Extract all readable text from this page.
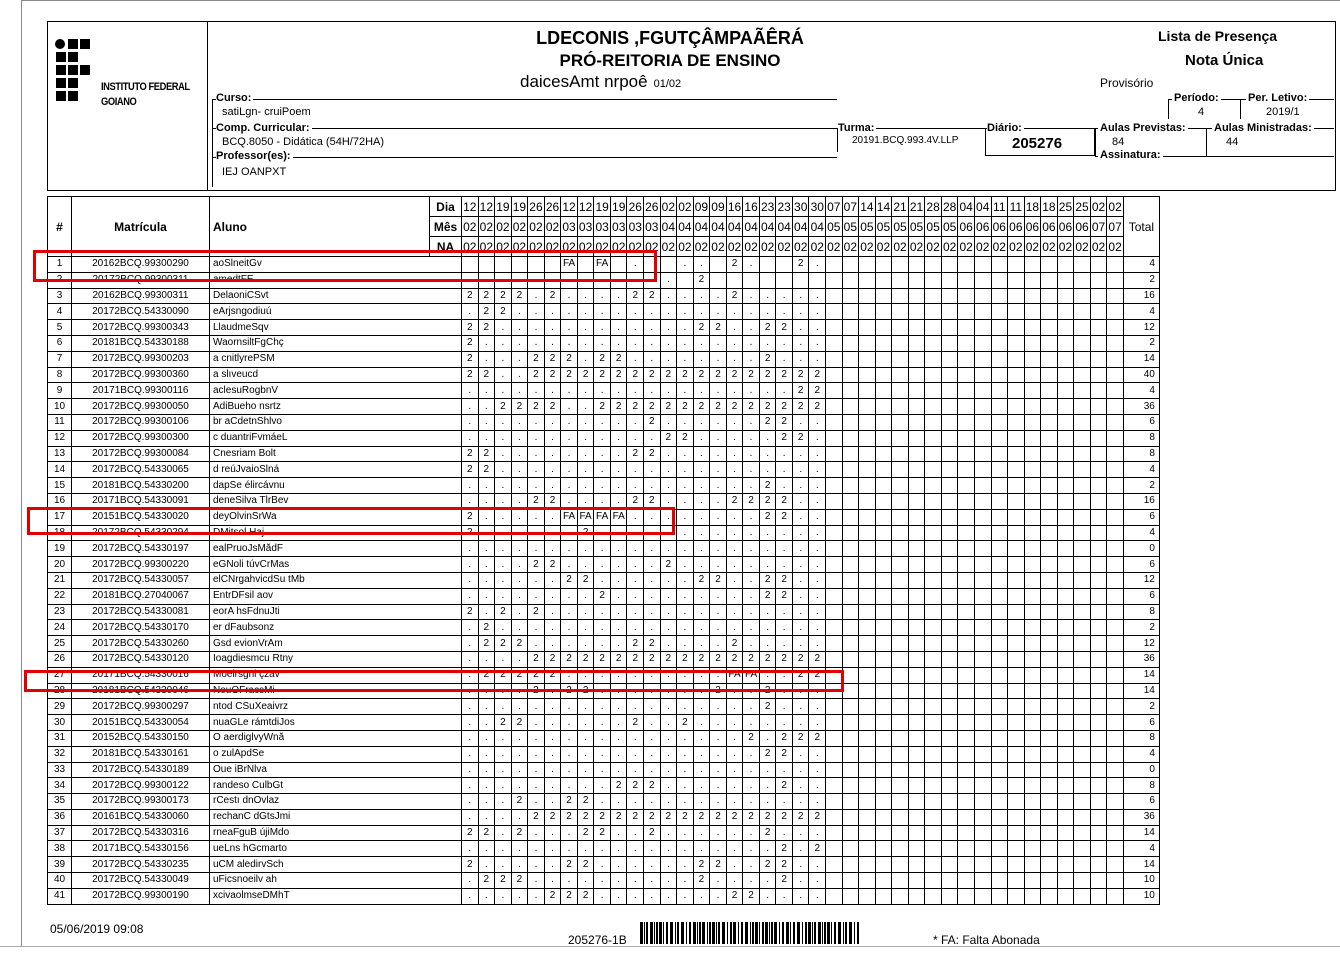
INSTITUTO FEDERAL
GOIANO
LDECONIS ,FGUTÇÂMPAÃÊRÁ
PRÓ-REITORIA DE ENSINO
daicesAmt nrpoê 01/02
Lista de Presença
Nota Única
Provisório
Curso:
satiLgn- cruiPoem
Comp. Curricular:
BCQ.8050 - Didática (54H/72HA)
Professor(es):
IEJ OANPXT
Turma:
20191.BCQ.993.4V.LLP
Diário:
205276
Período:
4
Per. Letivo:
2019/1
Aulas Previstas:
84
Aulas Ministradas:
44
Assinatura:
#	Matrícula	Aluno	Dia	12	12	19	19	26	26	12	12	19	19	26	26	02	02	09	09	16	16	23	23	30	30	07	07	14	14	21	21	28	28	04	04	11	11	18	18	25	25	02	02	Total
			Mês	02	02	02	02	02	02	03	03	03	03	03	03	04	04	04	04	04	04	04	04	04	04	05	05	05	05	05	05	05	05	06	06	06	06	06	06	06	06	07	07	
			NA	02	02	02	02	02	02	02	02	02	02	02	02	02	02	02	02	02	02	02	02	02	02	02	02	02	02	02	02	02	02	02	02	02	02	02	02	02	02	02	02	
1	20162BCQ.99300290	aoSlneitGv								FA		FA		.			.	.		2	.			2	.																			4
2	20172BCQ.99300311	amedtFE														.		2																										2
3	20162BCQ.99300311	DelaoniCSvt		2	2	2	2	.	2	.	.	.	.	2	2	.	.	.	.	2	.	.	.	.	.																			16
4	20172BCQ.54330090	eArjsngodiuú		.	2	2	.	.	.	.	.	.	.	.	.	.	.	.	.	.	.	.	.	.	.																			4
5	20172BCQ.99300343	LlaudmeSqv		2	2	.	.	.	.	.	.	.	.	.	.	.	.	2	2	.	.	2	2	.	.																			12
6	20181BCQ.54330188	WaornsiltFgChç		2	.	.	.	.	.	.	.	.	.	.	.	.	.	.	.	.	.	.	.	.	.																			2
7	20172BCQ.99300203	a cnitlyrePSM		2	.	.	.	2	2	2	.	2	2	.	.	.	.	.	.	.	.	2	.	.	.																			14
8	20172BCQ.99300360	a slıveucd		2	2	.	.	2	2	2	2	2	2	2	2	2	2	2	2	2	2	2	2	2	2																			40
9	20171BCQ.99300116	aclesuRogbnV		.	.	.	.	.	.	.	.	.	.	.	.	.	.	.	.	.	.	.	.	2	2																			4
10	20172BCQ.99300050	AdiBueho nsrtz		.	.	2	2	2	2	.	.	2	2	2	2	2	2	2	2	2	2	2	2	2	2																			36
11	20172BCQ.99300106	br aCdetnShlvo		.	.	.	.	.	.	.	.	.	.	.	2	.	.	.	.	.	.	2	2	.	.																			6
12	20172BCQ.99300300	c duantriFvmáeL		.	.	.	.	.	.	.	.	.	.	.	.	2	2	.	.	.	.	.	2	2	.																			8
13	20172BCQ.99300084	Cnesriam Bolt		2	2	.	.	.	.	.	.	.	.	2	2	.	.	.	.	.	.	.	.	.	.																			8
14	20172BCQ.54330065	d reúJvaioSlná		2	2	.	.	.	.	.	.	.	.	.	.	.	.	.	.	.	.	.	.	.	.																			4
15	20181BCQ.54330200	dapSe élircávnu		.	.	.	.	.	.	.	.	.	.	.	.	.	.	.	.	.	.	2	.	.	.																			2
16	20171BCQ.54330091	deneSilva TlrBev		.	.	.	.	2	2	.	.	.	.	2	2	.	.	.	.	2	2	2	2	.	.																			16
17	20151BCQ.54330020	deyOlvinSrWa		2	.	.	.	.	.	FA	FA	FA	FA	.	.	.	.	.	.	.	.	2	2	.	.																			6
18	20172BCQ.54330294	DMitsol Haj		2	.	.	.	.	.	.	2	.	.	.	.	.	.	.	.	.	.	.	.	.	.																			4
19	20172BCQ.54330197	ealPruoJsMădF		.	.	.	.	.	.	.	.	.	.	.	.	.	.	.	.	.	.	.	.	.	.																			0
20	20172BCQ.99300220	eGNoli túvCrMas		.	.	.	.	2	2	.	.	.	.	.	.	2	.	.	.	.	.	.	.	.	.																			6
21	20172BCQ.54330057	elCNrgahvicdSu tMb		.	.	.	.	.	.	2	2	.	.	.	.	.	.	2	2	.	.	2	2	.	.																			12
22	20181BCQ.27040067	EntrDFsil aov		.	.	.	.	.	.	.	.	2	.	.	.	.	.	.	.	.	.	2	2	.	.																			6
23	20172BCQ.54330081	eorA hsFdnuJti		2	.	2	.	2	.	.	.	.	.	.	.	.	.	.	.	.	.	.	.	.	.																			8
24	20172BCQ.54330170	er dFaubsonz		.	2	.	.	.	.	.	.	.	.	.	.	.	.	.	.	.	.	.	.	.	.																			2
25	20172BCQ.54330260	Gsd evionVrAm		.	2	2	2	.	.	.	.	.	.	2	2	.	.	.	.	2	.	.	.	.	.																			12
26	20172BCQ.54330120	Ioagdiesmcu Rtny		.	.	.	.	2	2	2	2	2	2	2	2	2	2	2	2	2	2	2	2	2	2																			36
27	20171BCQ.54330016	Moelrsgni çzav		.	2	2	2	2	2	.	.	.	.	.	.	.	.	.	.	FA	FA	.	.	2	2																			14
28	20181BCQ.54330046	NeuOFracsMi		.	.	.	.	2	.	2	2	.	.	.	.	.	.	.	2	.	.	2	.	.	.																			14
29	20172BCQ.99300297	ntod CSuXeaivrz		.	.	.	.	.	.	.	.	.	.	.	.	.	.	.	.	.	.	2	.	.	.																			2
30	20151BCQ.54330054	nuaGLe rámtdiJos		.	.	2	2	.	.	.	.	.	.	2	.	.	2	.	.	.	.	.	.	.	.																			6
31	20152BCQ.54330150	O aerdiglvyWnă		.	.	.	.	.	.	.	.	.	.	.	.	.	.	.	.	.	2	.	2	2	2																			8
32	20181BCQ.54330161	o zulApdSe		.	.	.	.	.	.	.	.	.	.	.	.	.	.	.	.	.	.	2	2	.	.																			4
33	20172BCQ.54330189	Oue iBrNlva		.	.	.	.	.	.	.	.	.	.	.	.	.	.	.	.	.	.	.	.	.	.																			0
34	20172BCQ.99300122	randeso CulbGt		.	.	.	.	.	.	.	.	.	2	2	2	.	.	.	.	.	.	.	2	.	.																			8
35	20172BCQ.99300173	rCestı dnOvlaz		.	.	.	2	.	.	2	2	.	.	.	.	.	.	.	.	.	.	.	.	.	.																			6
36	20161BCQ.54330060	rechanC dGtsJmi		.	.	.	.	2	2	2	2	2	2	2	2	2	2	2	2	2	2	2	2	2	2																			36
37	20172BCQ.54330316	rneaFguB újiMdo		2	2	.	2	.	.	.	2	2	.	.	2	.	.	.	.	.	.	2	.	.	.																			14
38	20171BCQ.54330156	ueLns hGcmarto		.	.	.	.	.	.	.	.	.	.	.	.	.	.	.	.	.	.	.	2	.	2																			4
39	20172BCQ.54330235	uCM aledirvSch		2	.	.	.	.	.	2	2	.	.	.	.	.	.	2	2	.	.	2	2	.	.																			14
40	20172BCQ.54330049	uFicsnoeilv ah		.	2	2	2	.	.	.	.	.	.	.	.	.	.	2	.	.	.	.	2	.	.																			10
41	20172BCQ.99300190	xcivaolmseDMhT		.	.	.	.	.	2	2	2	.	.	.	.	.	.	.	.	2	2	.	.	.	.																			10
05/06/2019 09:08
205276-1B	* FA: Falta Abonada
